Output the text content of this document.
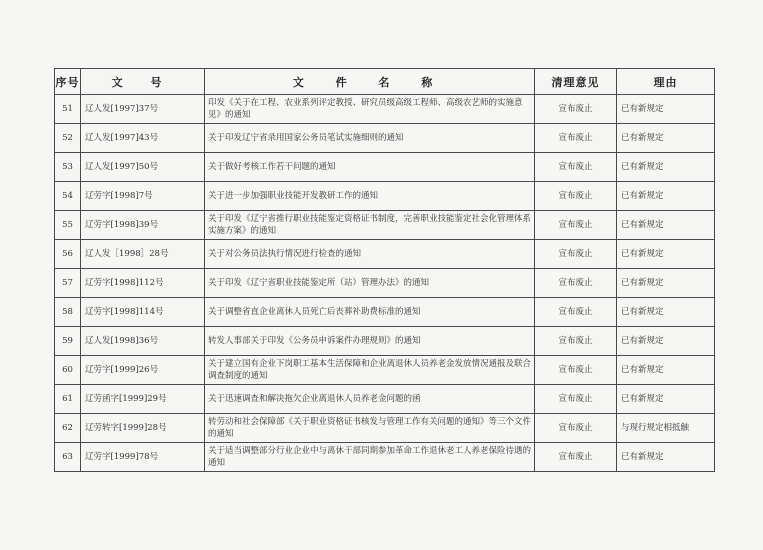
序号	文 号	文 件 名 称	清理意见	理由
51	辽人发[1997]37号	印发《关于在工程、农业系列评定教授、研究员级高级工程师、高级农艺师的实施意见》的通知	宣布废止	已有新规定
52	辽人发[1997]43号	关于印发辽宁省录用国家公务员笔试实施细则的通知	宣布废止	已有新规定
53	辽人发[1997]50号	关于做好考核工作若干问题的通知	宣布废止	已有新规定
54	辽劳字[1998]7号	关于进一步加强职业技能开发教研工作的通知	宣布废止	已有新规定
55	辽劳字[1998]39号	关于印发《辽宁省推行职业技能鉴定资格证书制度，完善职业技能鉴定社会化管理体系实施方案》的通知	宣布废止	已有新规定
56	辽人发［1998］28号	关于对公务员法执行情况进行检查的通知	宣布废止	已有新规定
57	辽劳字[1998]112号	关于印发《辽宁省职业技能鉴定所（站）管理办法》的通知	宣布废止	已有新规定
58	辽劳字[1998]114号	关于调整省直企业离休人员死亡后丧葬补助费标准的通知	宣布废止	已有新规定
59	辽人发[1998]36号	转发人事部关于印发《公务员申诉案件办理规则》的通知	宣布废止	已有新规定
60	辽劳字[1999]26号	关于建立国有企业下岗职工基本生活保障和企业离退休人员养老金发放情况通报及联合调查制度的通知	宣布废止	已有新规定
61	辽劳函字[1999]29号	关于迅速调查和解决拖欠企业离退休人员养老金问题的函	宣布废止	已有新规定
62	辽劳转字[1999]28号	转劳动和社会保障部《关于职业资格证书核发与管理工作有关问题的通知》等三个文件的通知	宣布废止	与现行规定相抵触
63	辽劳字[1999]78号	关于适当调整部分行业企业中与离休干部同期参加革命工作退休老工人养老保险待遇的通知	宣布废止	已有新规定
